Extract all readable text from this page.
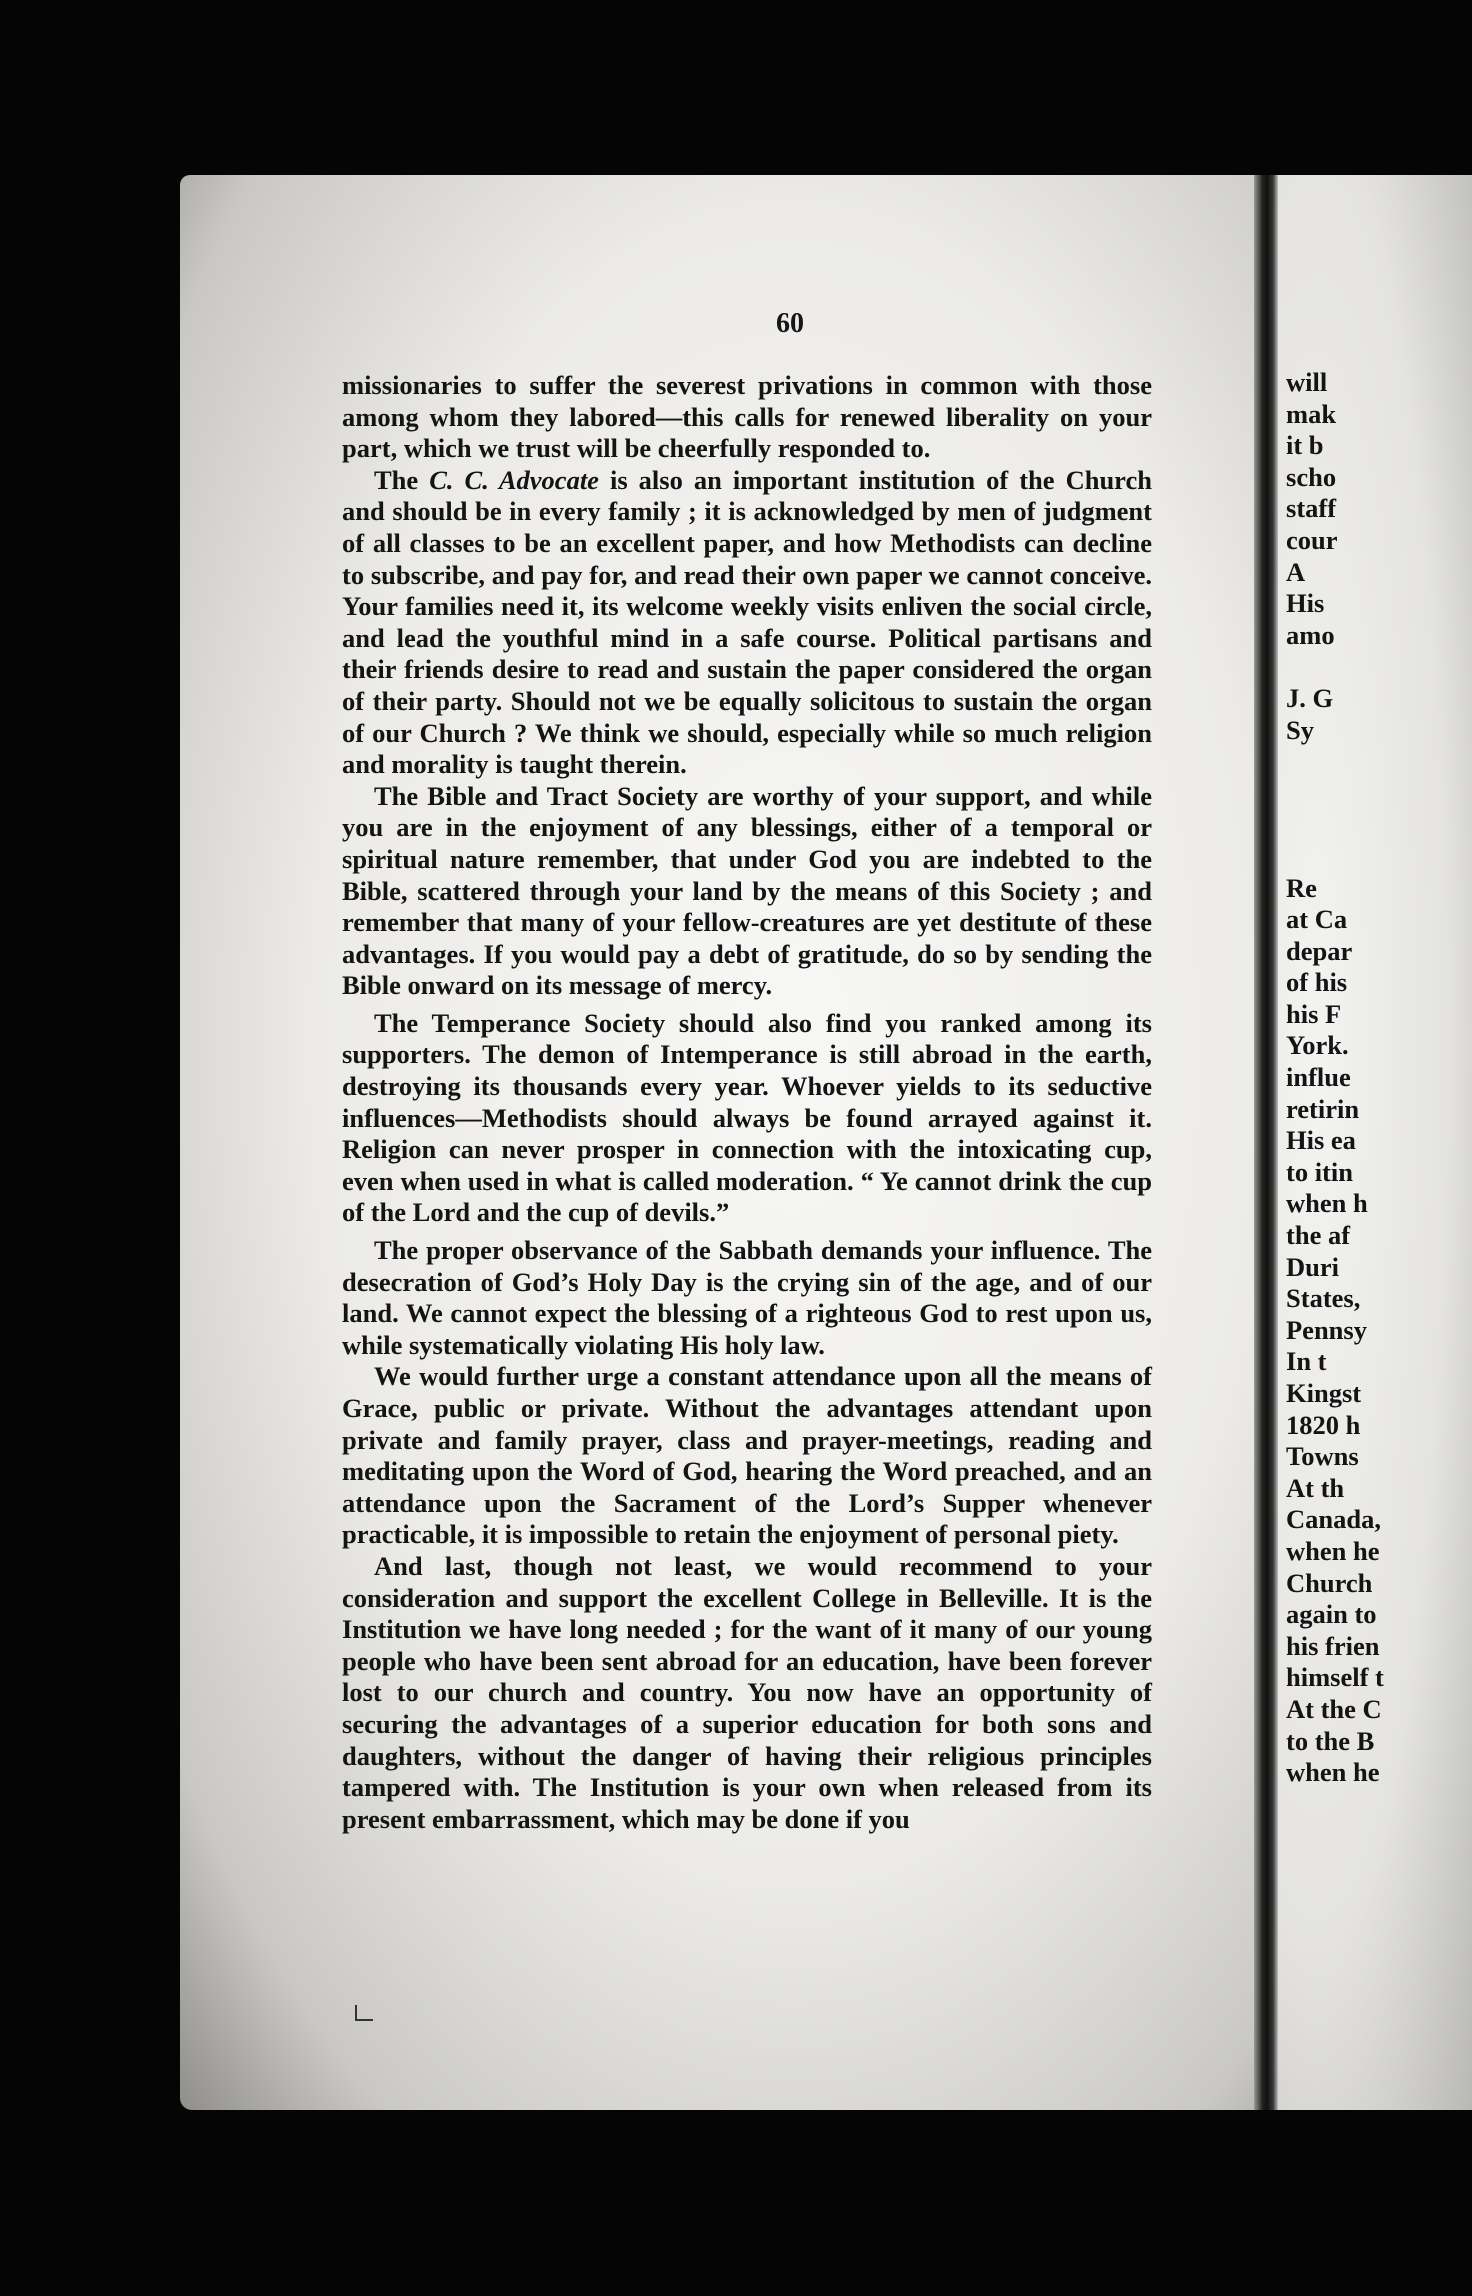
60

missionaries to suffer the severest privations in common with those among whom they labored—this calls for renewed liberality on your part, which we trust will be cheerfully responded to.

The C. C. Advocate is also an important institution of the Church and should be in every family ; it is acknowledged by men of judgment of all classes to be an excellent paper, and how Methodists can decline to subscribe, and pay for, and read their own paper we cannot conceive. Your families need it, its welcome weekly visits enliven the social circle, and lead the youthful mind in a safe course. Political partisans and their friends desire to read and sustain the paper considered the organ of their party. Should not we be equally solicitous to sustain the organ of our Church ? We think we should, especially while so much religion and morality is taught therein.

The Bible and Tract Society are worthy of your support, and while you are in the enjoyment of any blessings, either of a temporal or spiritual nature remember, that under God you are indebted to the Bible, scattered through your land by the means of this Society ; and remember that many of your fellow-creatures are yet destitute of these advantages. If you would pay a debt of gratitude, do so by sending the Bible onward on its message of mercy.

The Temperance Society should also find you ranked among its supporters. The demon of Intemperance is still abroad in the earth, destroying its thousands every year. Whoever yields to its seductive influences—Methodists should always be found arrayed against it. Religion can never prosper in connection with the intoxicating cup, even when used in what is called moderation. “ Ye cannot drink the cup of the Lord and the cup of devils.”

The proper observance of the Sabbath demands your influence. The desecration of God’s Holy Day is the crying sin of the age, and of our land. We cannot expect the blessing of a righteous God to rest upon us, while systematically violating His holy law.

We would further urge a constant attendance upon all the means of Grace, public or private. Without the advantages attendant upon private and family prayer, class and prayer-meetings, reading and meditating upon the Word of God, hearing the Word preached, and an attendance upon the Sacrament of the Lord’s Supper whenever practicable, it is impossible to retain the enjoyment of personal piety.

And last, though not least, we would recommend to your consideration and support the excellent College in Belleville. It is the Institution we have long needed ; for the want of it many of our young people who have been sent abroad for an education, have been forever lost to our church and country. You now have an opportunity of securing the advantages of a superior education for both sons and daughters, without the danger of having their religious principles tampered with. The Institution is your own when released from its present embarrassment, which may be done if you

will
mak
it b
scho
staff
cour
A
His
amo
J. G
Sy
Re
at Ca
depar
of his
his F
York.
influe
retirin
His ea
to itin
when h
the af
Duri
States,
Pennsy
In t
Kingst
1820 h
Towns
At th
Canada,
when he
Church
again to
his frien
himself t
At the C
to the B
when he
